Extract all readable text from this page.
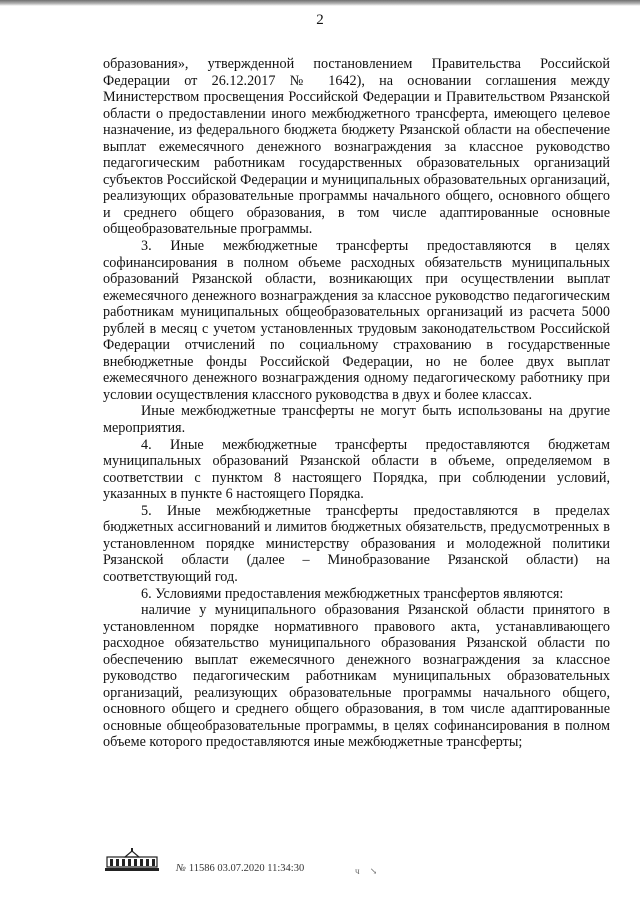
2

образования», утвержденной постановлением Правительства Российской Федерации от 26.12.2017 № 1642), на основании соглашения между Министерством просвещения Российской Федерации и Правительством Рязанской области о предоставлении иного межбюджетного трансферта, имеющего целевое назначение, из федерального бюджета бюджету Рязанской области на обеспечение выплат ежемесячного денежного вознаграждения за классное руководство педагогическим работникам государственных образовательных организаций субъектов Российской Федерации и муниципальных образовательных организаций, реализующих образовательные программы начального общего, основного общего и среднего общего образования, в том числе адаптированные основные общеобразовательные программы.

3. Иные межбюджетные трансферты предоставляются в целях софинансирования в полном объеме расходных обязательств муниципальных образований Рязанской области, возникающих при осуществлении выплат ежемесячного денежного вознаграждения за классное руководство педагогическим работникам муниципальных общеобразовательных организаций из расчета 5000 рублей в месяц с учетом установленных трудовым законодательством Российской Федерации отчислений по социальному страхованию в государственные внебюджетные фонды Российской Федерации, но не более двух выплат ежемесячного денежного вознаграждения одному педагогическому работнику при условии осуществления классного руководства в двух и более классах.

Иные межбюджетные трансферты не могут быть использованы на другие мероприятия.

4. Иные межбюджетные трансферты предоставляются бюджетам муниципальных образований Рязанской области в объеме, определяемом в соответствии с пунктом 8 настоящего Порядка, при соблюдении условий, указанных в пункте 6 настоящего Порядка.

5. Иные межбюджетные трансферты предоставляются в пределах бюджетных ассигнований и лимитов бюджетных обязательств, предусмотренных в установленном порядке министерству образования и молодежной политики Рязанской области (далее – Минобразование Рязанской области) на соответствующий год.

6. Условиями предоставления межбюджетных трансфертов являются:

наличие у муниципального образования Рязанской области принятого в установленном порядке нормативного правового акта, устанавливающего расходное обязательство муниципального образования Рязанской области по обеспечению выплат ежемесячного денежного вознаграждения за классное руководство педагогическим работникам муниципальных образовательных организаций, реализующих образовательные программы начального общего, основного общего и среднего общего образования, в том числе адаптированные основные общеобразовательные программы, в целях софинансирования в полном объеме которого предоставляются иные межбюджетные трансферты;

№ 11586 03.07.2020 11:34:30	ч ↘
